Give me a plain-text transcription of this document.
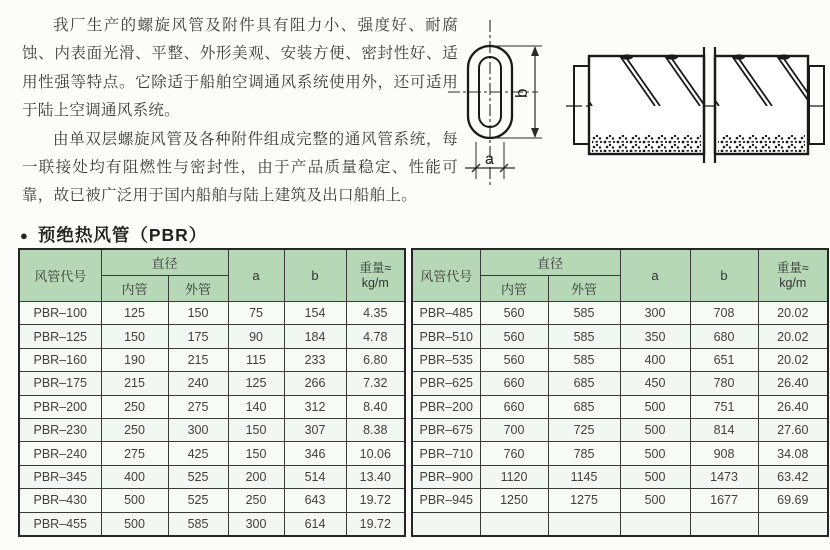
我厂生产的螺旋风管及附件具有阻力小、强度好、耐腐蚀、内表面光滑、平整、外形美观、安装方便、密封性好、适用性强等特点。它除适于船舶空调通风系统使用外，还可适用于陆上空调通风系统。

由单双层螺旋风管及各种附件组成完整的通风管系统，每一联接处均有阻燃性与密封性，由于产品质量稳定、性能可靠，故已被广泛用于国内船舶与陆上建筑及出口船舶上。

b
a
● 预绝热风管（PBR）
风管代号	直径		a	b	重量≈
kg/m
	内管	外管			
PBR–100	125	150	75	154	4.35
PBR–125	150	175	90	184	4.78
PBR–160	190	215	115	233	6.80
PBR–175	215	240	125	266	7.32
PBR–200	250	275	140	312	8.40
PBR–230	250	300	150	307	8.38
PBR–240	275	425	150	346	10.06
PBR–345	400	525	200	514	13.40
PBR–430	500	525	250	643	19.72
PBR–455	500	585	300	614	19.72
风管代号	直径		a	b	重量≈
kg/m
	内管	外管			
PBR–485	560	585	300	708	20.02
PBR–510	560	585	350	680	20.02
PBR–535	560	585	400	651	20.02
PBR–625	660	685	450	780	26.40
PBR–200	660	685	500	751	26.40
PBR–675	700	725	500	814	27.60
PBR–710	760	785	500	908	34.08
PBR–900	1120	1145	500	1473	63.42
PBR–945	1250	1275	500	1677	69.69
